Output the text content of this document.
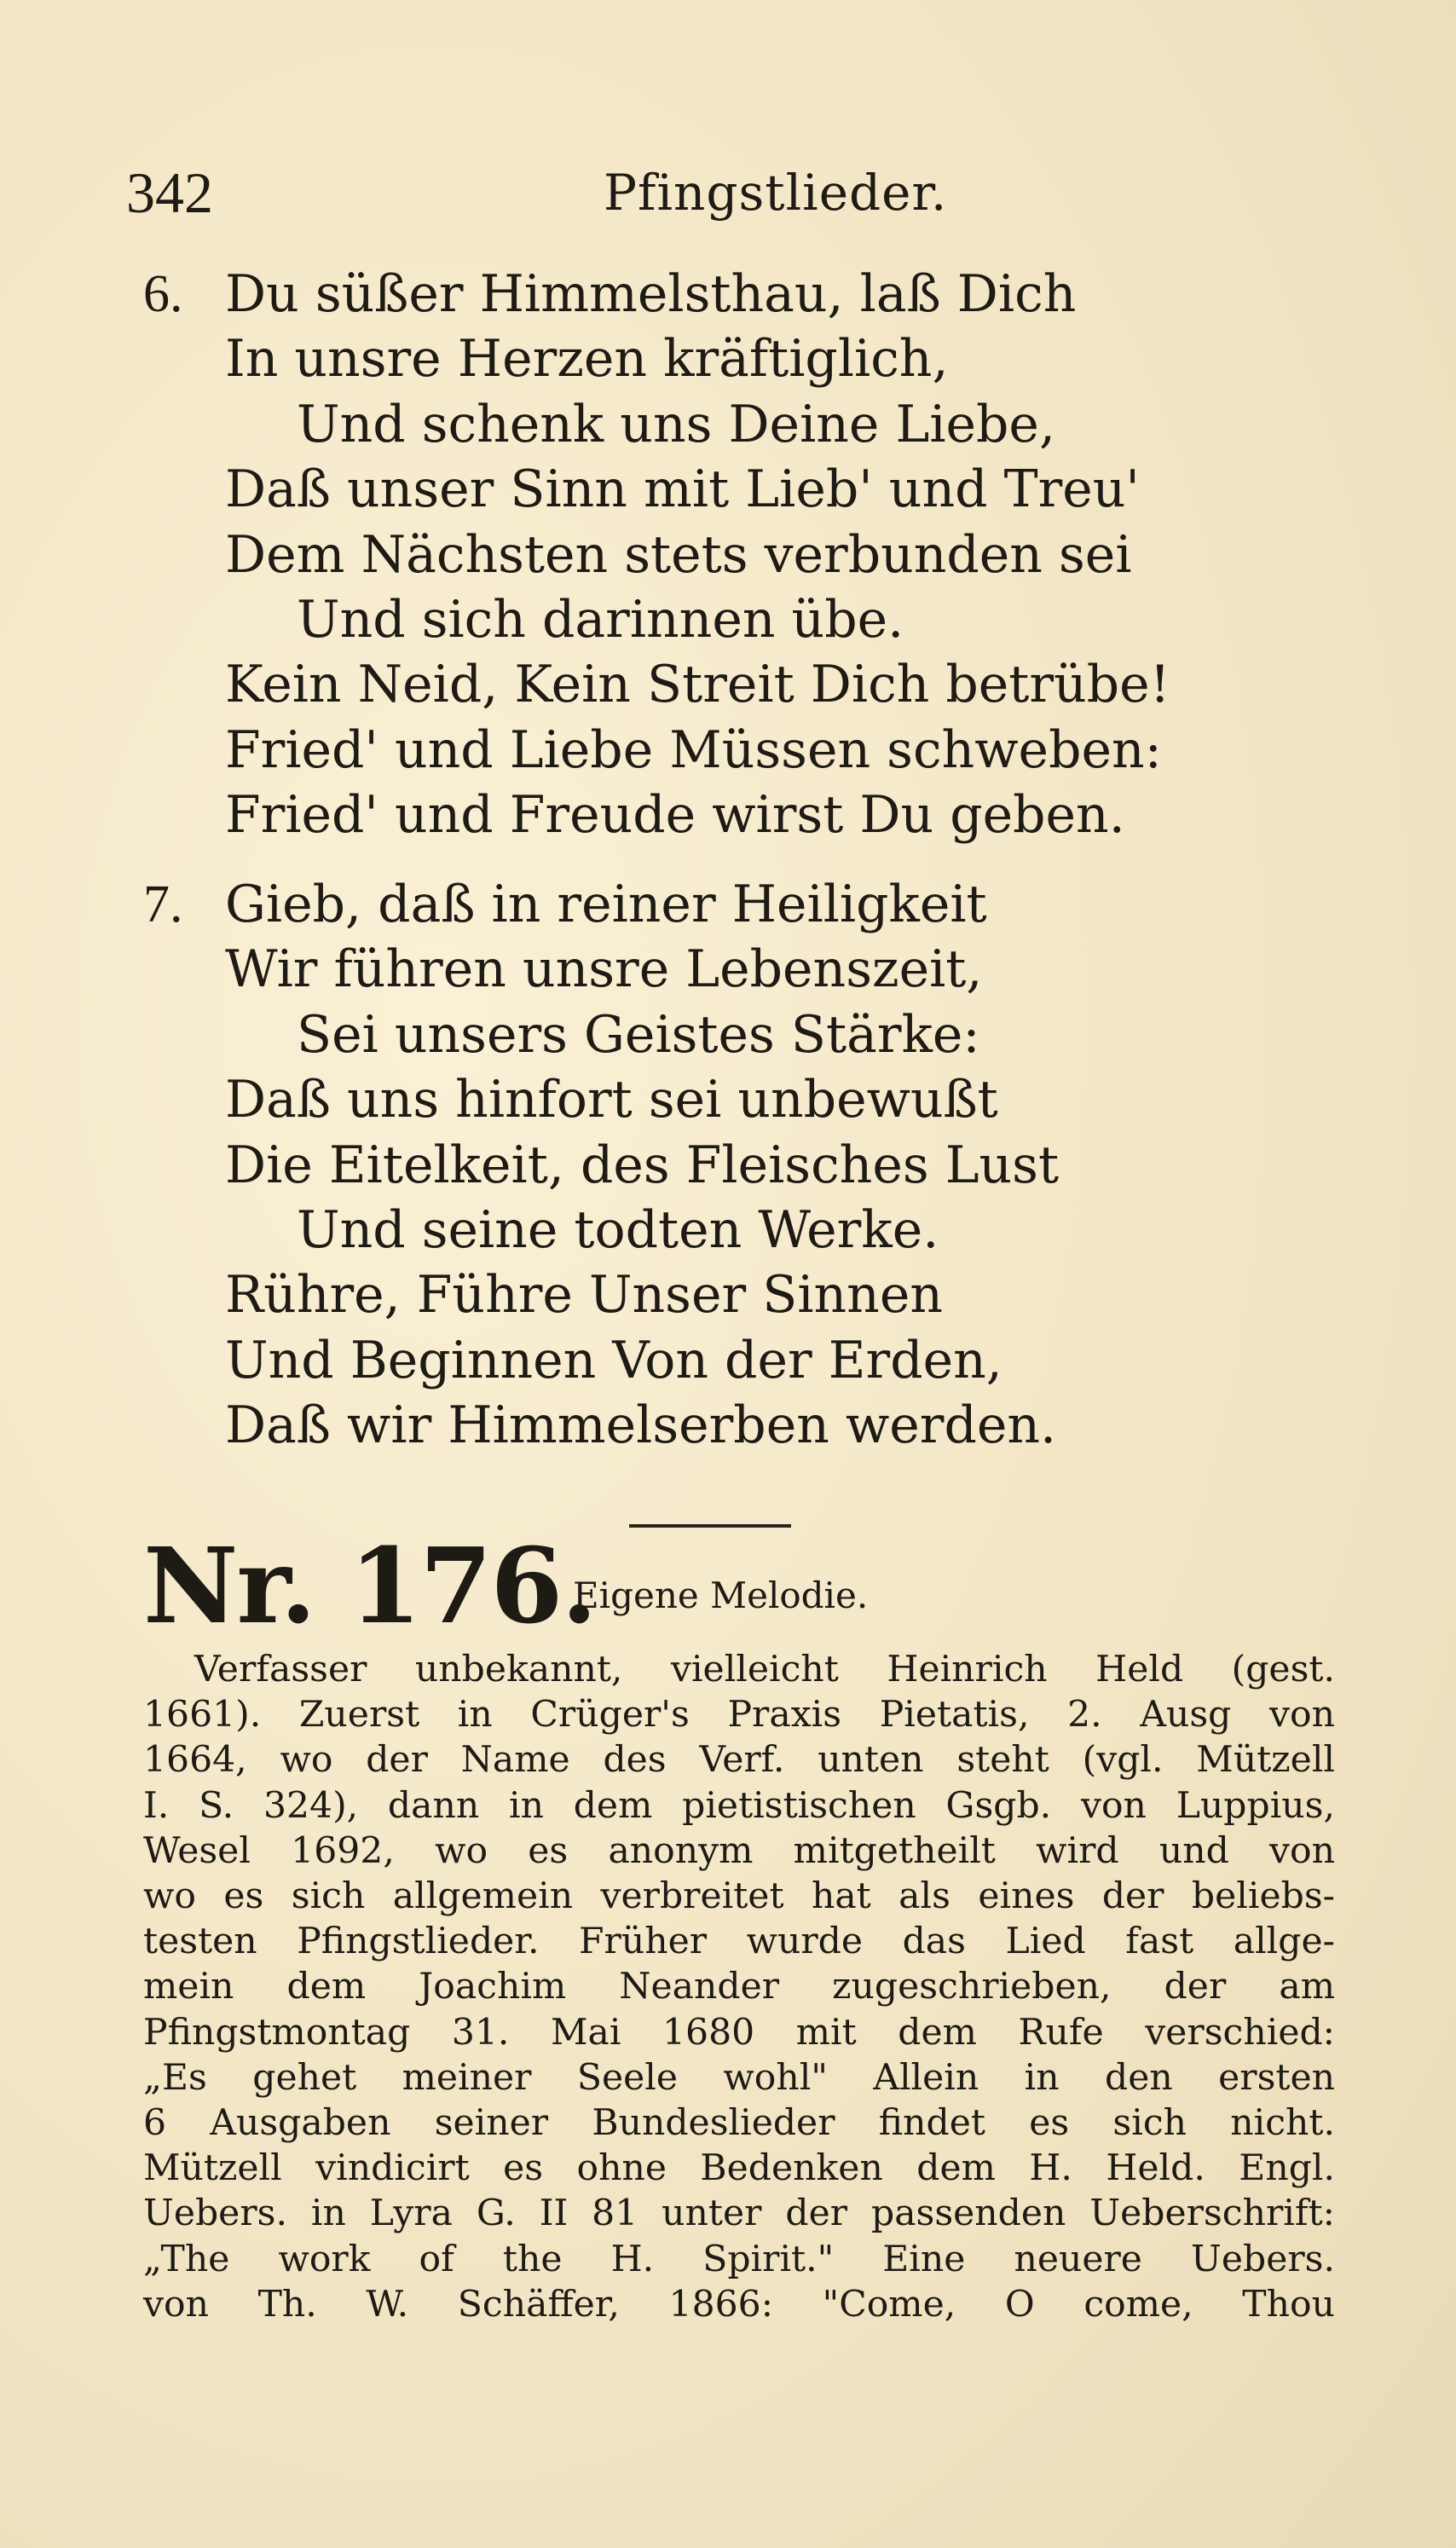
342	Pfingstlieder.
6. Du süßer Himmelsthau, laß Dich
In unsre Herzen kräftiglich,
Und schenk uns Deine Liebe,
Daß unser Sinn mit Lieb' und Treu'
Dem Nächsten stets verbunden sei
Und sich darinnen übe.
Kein Neid, Kein Streit Dich betrübe!
Fried' und Liebe Müssen schweben:
Fried' und Freude wirst Du geben.
7. Gieb, daß in reiner Heiligkeit
Wir führen unsre Lebenszeit,
Sei unsers Geistes Stärke:
Daß uns hinfort sei unbewußt
Die Eitelkeit, des Fleisches Lust
Und seine todten Werke.
Rühre, Führe Unser Sinnen
Und Beginnen Von der Erden,
Daß wir Himmelserben werden.
Nr. 176.
Eigene Melodie.
Verfasser unbekannt, vielleicht Heinrich Held (gest.
1661). Zuerst in Crüger's Praxis Pietatis, 2. Ausg von
1664, wo der Name des Verf. unten steht (vgl. Mützell
I. S. 324), dann in dem pietistischen Gsgb. von Luppius,
Wesel 1692, wo es anonym mitgetheilt wird und von
wo es sich allgemein verbreitet hat als eines der beliebs-
testen Pfingstlieder. Früher wurde das Lied fast allge-
mein dem Joachim Neander zugeschrieben, der am
Pfingstmontag 31. Mai 1680 mit dem Rufe verschied:
„Es gehet meiner Seele wohl" Allein in den ersten
6 Ausgaben seiner Bundeslieder findet es sich nicht.
Mützell vindicirt es ohne Bedenken dem H. Held. Engl.
Uebers. in Lyra G. II 81 unter der passenden Ueberschrift:
„The work of the H. Spirit." Eine neuere Uebers.
von Th. W. Schäffer, 1866: "Come, O come, Thou
